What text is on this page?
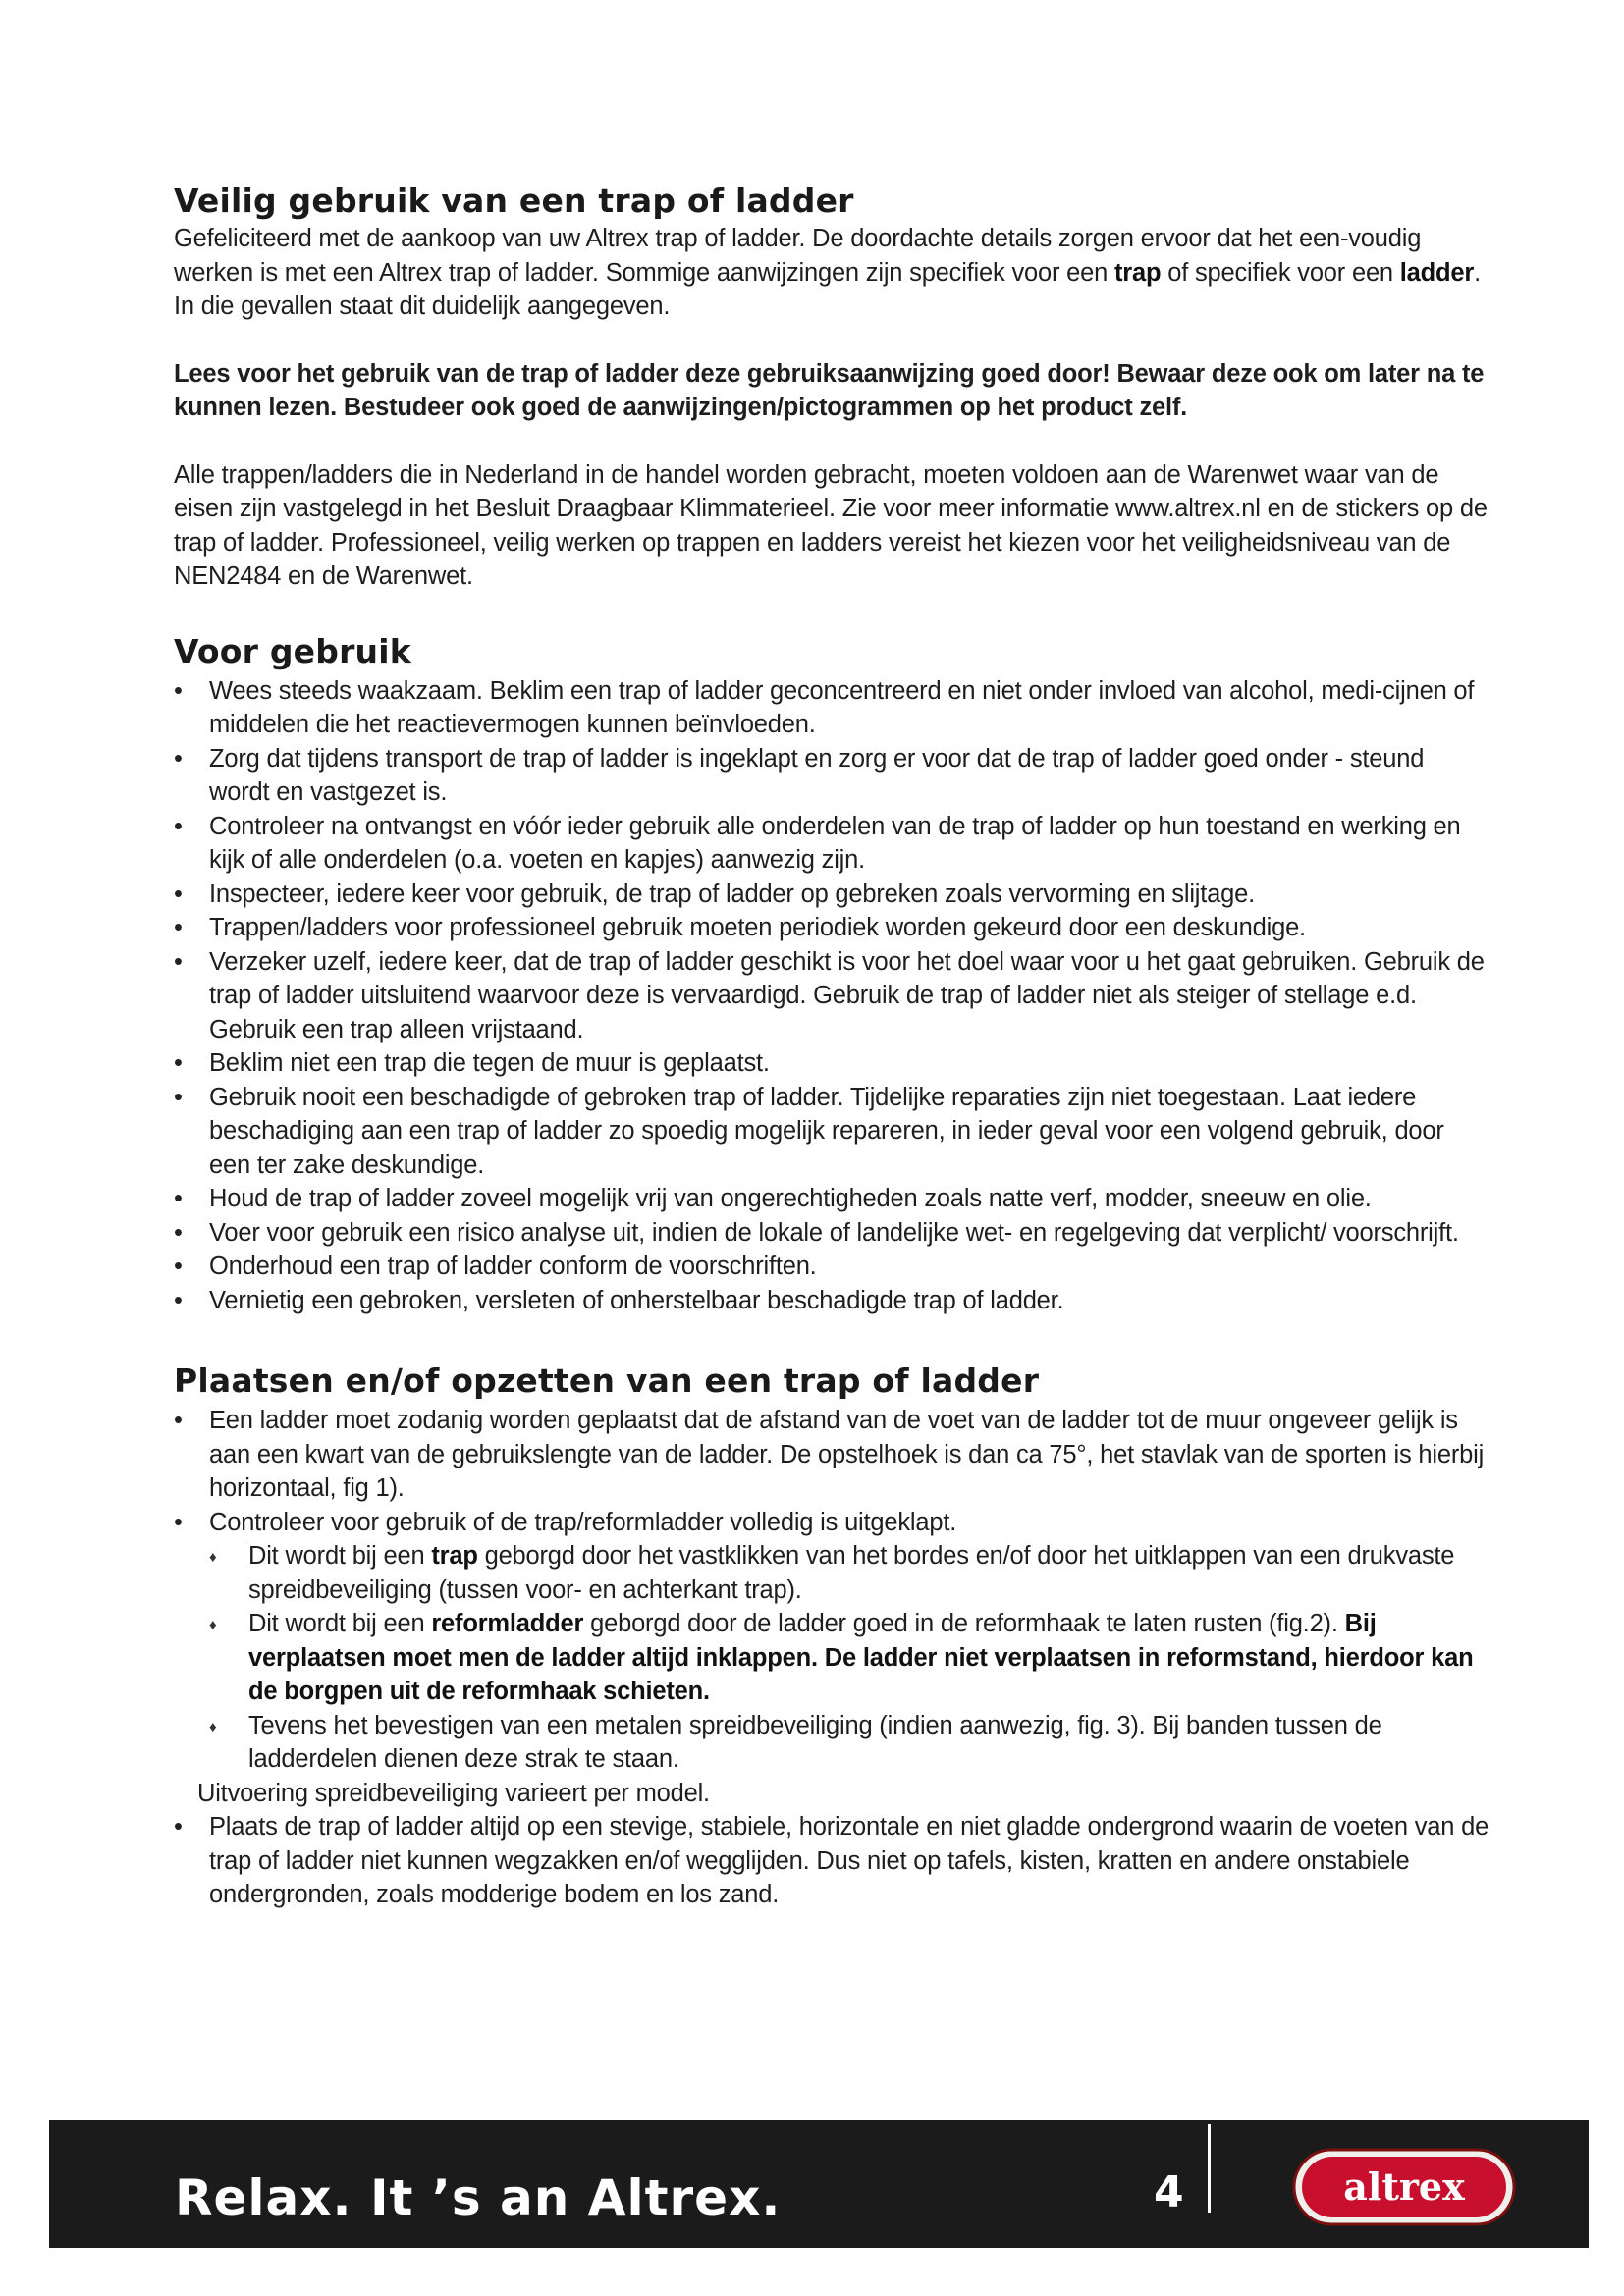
Veilig gebruik van een trap of ladder

Gefeliciteerd met de aankoop van uw Altrex trap of ladder. De doordachte details zorgen ervoor dat het een-voudig werken is met een Altrex trap of ladder. Sommige aanwijzingen zijn specifiek voor een trap of specifiek voor een ladder. In die gevallen staat dit duidelijk aangegeven.

Lees voor het gebruik van de trap of ladder deze gebruiksaanwijzing goed door! Bewaar deze ook om later na te kunnen lezen. Bestudeer ook goed de aanwijzingen/pictogrammen op het product zelf.

Alle trappen/ladders die in Nederland in de handel worden gebracht, moeten voldoen aan de Warenwet waar van de eisen zijn vastgelegd in het Besluit Draagbaar Klimmaterieel. Zie voor meer informatie www.altrex.nl en de stickers op de trap of ladder. Professioneel, veilig werken op trappen en ladders vereist het kiezen voor het veiligheidsniveau van de NEN2484 en de Warenwet.

Voor gebruik
• Wees steeds waakzaam. Beklim een trap of ladder geconcentreerd en niet onder invloed van alcohol, medi-cijnen of middelen die het reactievermogen kunnen beïnvloeden.
• Zorg dat tijdens transport de trap of ladder is ingeklapt en zorg er voor dat de trap of ladder goed onder - steund wordt en vastgezet is.
• Controleer na ontvangst en vóór ieder gebruik alle onderdelen van de trap of ladder op hun toestand en werking en kijk of alle onderdelen (o.a. voeten en kapjes) aanwezig zijn.
• Inspecteer, iedere keer voor gebruik, de trap of ladder op gebreken zoals vervorming en slijtage.
• Trappen/ladders voor professioneel gebruik moeten periodiek worden gekeurd door een deskundige.
• Verzeker uzelf, iedere keer, dat de trap of ladder geschikt is voor het doel waar voor u het gaat gebruiken. Gebruik de trap of ladder uitsluitend waarvoor deze is vervaardigd. Gebruik de trap of ladder niet als steiger of stellage e.d. Gebruik een trap alleen vrijstaand.
• Beklim niet een trap die tegen de muur is geplaatst.
• Gebruik nooit een beschadigde of gebroken trap of ladder. Tijdelijke reparaties zijn niet toegestaan. Laat iedere beschadiging aan een trap of ladder zo spoedig mogelijk repareren, in ieder geval voor een volgend gebruik, door een ter zake deskundige.
• Houd de trap of ladder zoveel mogelijk vrij van ongerechtigheden zoals natte verf, modder, sneeuw en olie.
• Voer voor gebruik een risico analyse uit, indien de lokale of landelijke wet- en regelgeving dat verplicht/ voorschrijft.
• Onderhoud een trap of ladder conform de voorschriften.
• Vernietig een gebroken, versleten of onherstelbaar beschadigde trap of ladder.
Plaatsen en/of opzetten van een trap of ladder
• Een ladder moet zodanig worden geplaatst dat de afstand van de voet van de ladder tot de muur ongeveer gelijk is aan een kwart van de gebruikslengte van de ladder. De opstelhoek is dan ca 75°, het stavlak van de sporten is hierbij horizontaal, fig 1).
• Controleer voor gebruik of de trap/reformladder volledig is uitgeklapt.
♦ Dit wordt bij een trap geborgd door het vastklikken van het bordes en/of door het uitklappen van een drukvaste spreidbeveiliging (tussen voor- en achterkant trap).
♦ Dit wordt bij een reformladder geborgd door de ladder goed in de reformhaak te laten rusten (fig.2). Bij verplaatsen moet men de ladder altijd inklappen. De ladder niet verplaatsen in reformstand, hierdoor kan de borgpen uit de reformhaak schieten.
♦ Tevens het bevestigen van een metalen spreidbeveiliging (indien aanwezig, fig. 3). Bij banden tussen de ladderdelen dienen deze strak te staan.

Uitvoering spreidbeveiliging varieert per model.

• Plaats de trap of ladder altijd op een stevige, stabiele, horizontale en niet gladde ondergrond waarin de voeten van de trap of ladder niet kunnen wegzakken en/of wegglijden. Dus niet op tafels, kisten, kratten en andere onstabiele ondergronden, zoals modderige bodem en los zand.
Relax. It ’s an Altrex.	4	altrex
